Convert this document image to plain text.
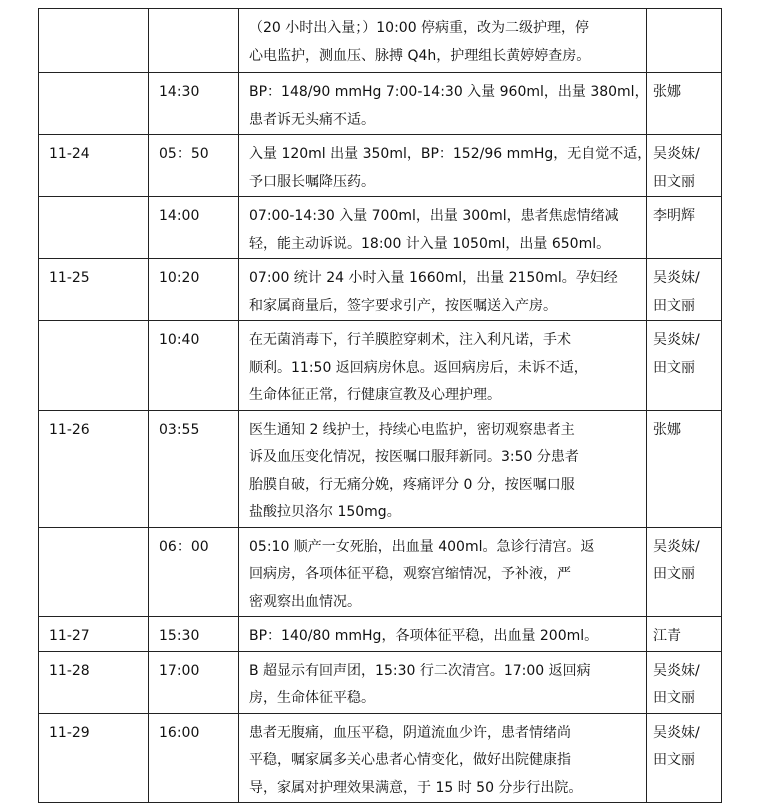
		（20 小时出入量；）10:00 停病重，改为二级护理，停
心电监护，测血压、脉搏 Q4h，护理组长黄婷婷查房。	

	14:30	BP：148/90 mmHg 7:00-14:30 入量 960ml，出量 380ml，
患者诉无头痛不适。	张娜

11-24	05：50	入量 120ml 出量 350ml，BP：152/96 mmHg，无自觉不适，
予口服长嘱降压药。	吴炎妹/
田文丽

	14:00	07:00-14:30 入量 700ml，出量 300ml，患者焦虑情绪减
轻，能主动诉说。18:00 计入量 1050ml，出量 650ml。	李明辉

11-25	10:20	07:00 统计 24 小时入量 1660ml，出量 2150ml。孕妇经
和家属商量后，签字要求引产，按医嘱送入产房。	吴炎妹/
田文丽

	10:40	在无菌消毒下，行羊膜腔穿刺术，注入利凡诺，手术
顺利。11:50 返回病房休息。返回病房后，未诉不适，
生命体征正常，行健康宣教及心理护理。	吴炎妹/
田文丽

11-26	03:55	医生通知 2 线护士，持续心电监护，密切观察患者主
诉及血压变化情况，按医嘱口服拜新同。3:50 分患者
胎膜自破，行无痛分娩，疼痛评分 0 分，按医嘱口服
盐酸拉贝洛尔 150mg。	张娜

	06：00	05:10 顺产一女死胎，出血量 400ml。急诊行清宫。返
回病房，各项体征平稳，观察宫缩情况，予补液，严
密观察出血情况。	吴炎妹/
田文丽

11-27	15:30	BP：140/80 mmHg，各项体征平稳，出血量 200ml。	江青

11-28	17:00	B 超显示有回声团，15:30 行二次清宫。17:00 返回病
房，生命体征平稳。	吴炎妹/
田文丽

11-29	16:00	患者无腹痛，血压平稳，阴道流血少许，患者情绪尚
平稳，嘱家属多关心患者心情变化，做好出院健康指
导，家属对护理效果满意，于 15 时 50 分步行出院。	吴炎妹/
田文丽
